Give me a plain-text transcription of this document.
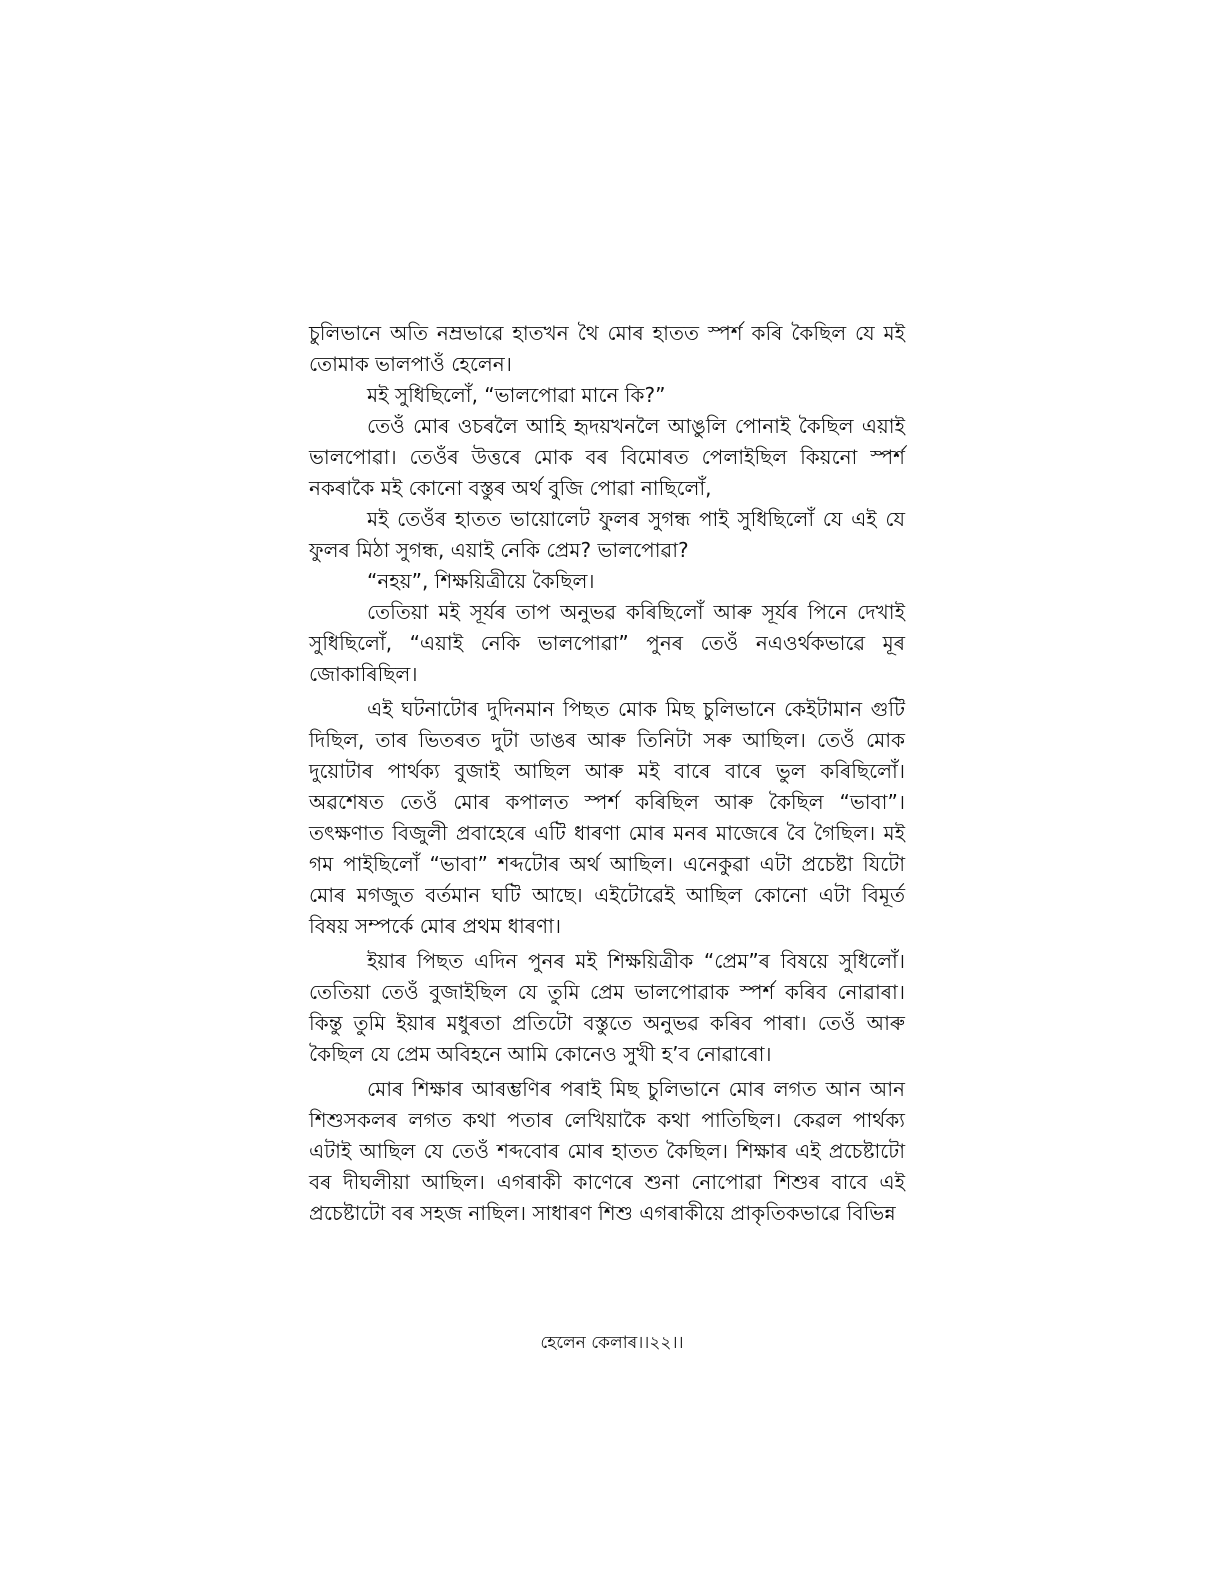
চুলিভানে অতি নম্রভাৱে হাতখন থৈ মোৰ হাতত স্পৰ্শ কৰি কৈছিল যে মই তোমাক ভালপাওঁ হেলেন।

মই সুধিছিলোঁ, “ভালপোৱা মানে কি?”

তেওঁ মোৰ ওচৰলৈ আহি হৃদয়খনলৈ আঙুলি পোনাই কৈছিল এয়াই ভালপোৱা। তেওঁৰ উত্তৰে মোক বৰ বিমোৰত পেলাইছিল কিয়নো স্পৰ্শ নকৰাকৈ মই কোনো বস্তুৰ অৰ্থ বুজি পোৱা নাছিলোঁ,

মই তেওঁৰ হাতত ভায়োলেট ফুলৰ সুগন্ধ পাই সুধিছিলোঁ যে এই যে ফুলৰ মিঠা সুগন্ধ, এয়াই নেকি প্ৰেম? ভালপোৱা?

“নহয়”, শিক্ষয়িত্ৰীয়ে কৈছিল।

তেতিয়া মই সূৰ্যৰ তাপ অনুভৱ কৰিছিলোঁ আৰু সূৰ্যৰ পিনে দেখাই সুধিছিলোঁ, “এয়াই নেকি ভালপোৱা” পুনৰ তেওঁ নএওৰ্থকভাৱে মূৰ জোকাৰিছিল।

এই ঘটনাটোৰ দুদিনমান পিছত মোক মিছ চুলিভানে কেইটামান গুটি দিছিল, তাৰ ভিতৰত দুটা ডাঙৰ আৰু তিনিটা সৰু আছিল। তেওঁ মোক দুয়োটাৰ পাৰ্থক্য বুজাই আছিল আৰু মই বাৰে বাৰে ভুল কৰিছিলোঁ। অৱশেষত তেওঁ মোৰ কপালত স্পৰ্শ কৰিছিল আৰু কৈছিল “ভাবা”। তৎক্ষণাত বিজুলী প্ৰবাহেৰে এটি ধাৰণা মোৰ মনৰ মাজেৰে বৈ গৈছিল। মই গম পাইছিলোঁ “ভাবা” শব্দটোৰ অৰ্থ আছিল। এনেকুৱা এটা প্ৰচেষ্টা যিটো মোৰ মগজুত বৰ্তমান ঘটি আছে। এইটোৱেই আছিল কোনো এটা বিমূৰ্ত বিষয় সম্পৰ্কে মোৰ প্ৰথম ধাৰণা।

ইয়াৰ পিছত এদিন পুনৰ মই শিক্ষয়িত্ৰীক “প্ৰেম”ৰ বিষয়ে সুধিলোঁ। তেতিয়া তেওঁ বুজাইছিল যে তুমি প্ৰেম ভালপোৱাক স্পৰ্শ কৰিব নোৱাৰা। কিন্তু তুমি ইয়াৰ মধুৰতা প্ৰতিটো বস্তুতে অনুভৱ কৰিব পাৰা। তেওঁ আৰু কৈছিল যে প্ৰেম অবিহনে আমি কোনেও সুখী হ’ব নোৱাৰো।

মোৰ শিক্ষাৰ আৰম্ভণিৰ পৰাই মিছ চুলিভানে মোৰ লগত আন আন শিশুসকলৰ লগত কথা পতাৰ লেখিয়াকৈ কথা পাতিছিল। কেৱল পাৰ্থক্য এটাই আছিল যে তেওঁ শব্দবোৰ মোৰ হাতত কৈছিল। শিক্ষাৰ এই প্ৰচেষ্টাটো বৰ দীঘলীয়া আছিল। এগৰাকী কাণেৰে শুনা নোপোৱা শিশুৰ বাবে এই প্ৰচেষ্টাটো বৰ সহজ নাছিল। সাধাৰণ শিশু এগৰাকীয়ে প্ৰাকৃতিকভাৱে বিভিন্ন

হেলেন কেলাৰ।।২২।।
